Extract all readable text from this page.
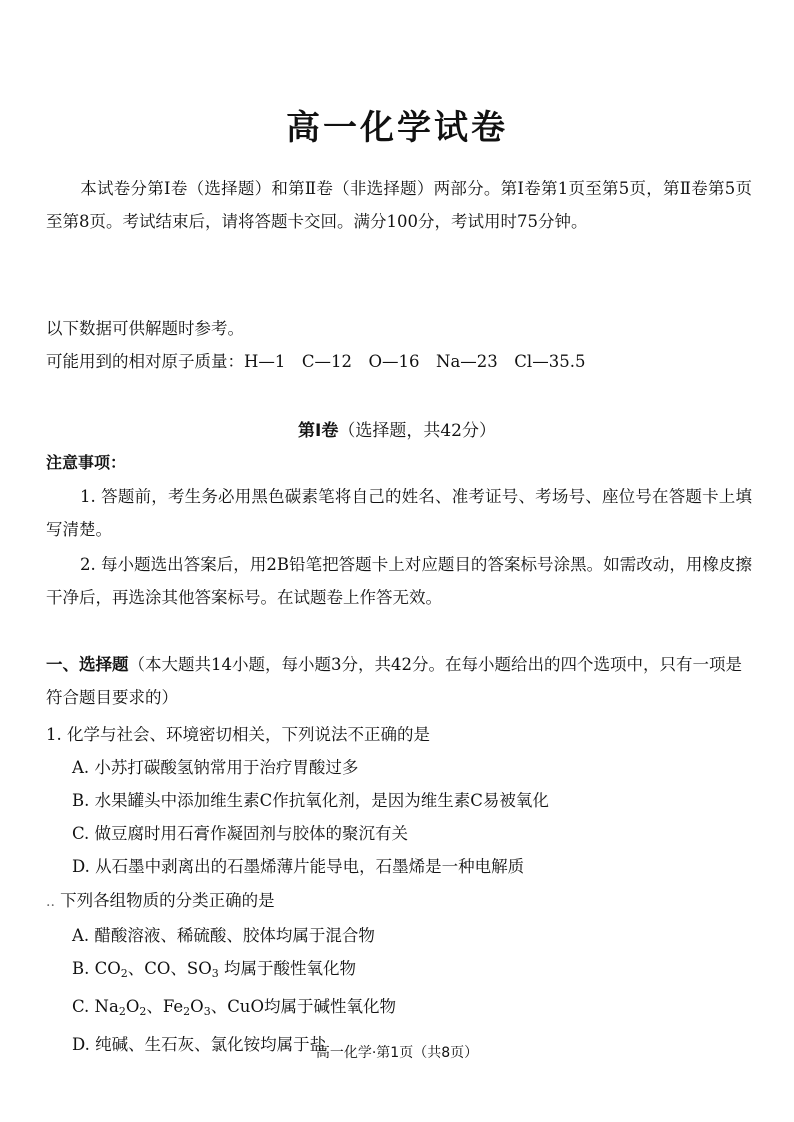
高一化学试卷
本试卷分第Ⅰ卷（选择题）和第Ⅱ卷（非选择题）两部分。第Ⅰ卷第1页至第5页，第Ⅱ卷第5页至第8页。考试结束后，请将答题卡交回。满分100分，考试用时75分钟。
以下数据可供解题时参考。
可能用到的相对原子质量：H—1　C—12　O—16　Na—23　Cl—35.5
第Ⅰ卷（选择题，共42分）
注意事项：
1. 答题前，考生务必用黑色碳素笔将自己的姓名、准考证号、考场号、座位号在答题卡上填写清楚。
2. 每小题选出答案后，用2B铅笔把答题卡上对应题目的答案标号涂黑。如需改动，用橡皮擦干净后，再选涂其他答案标号。在试题卷上作答无效。
一、选择题（本大题共14小题，每小题3分，共42分。在每小题给出的四个选项中，只有一项是符合题目要求的）
1. 化学与社会、环境密切相关，下列说法不正确的是
A. 小苏打碳酸氢钠常用于治疗胃酸过多
B. 水果罐头中添加维生素C作抗氧化剂，是因为维生素C易被氧化
C. 做豆腐时用石膏作凝固剂与胶体的聚沉有关
D. 从石墨中剥离出的石墨烯薄片能导电，石墨烯是一种电解质
.. 下列各组物质的分类正确的是
A. 醋酸溶液、稀硫酸、胶体均属于混合物
B. $CO_2$、CO、$SO_3$ 均属于酸性氧化物
C. $Na_2O_2$、$Fe_2O_3$、CuO均属于碱性氧化物
D. 纯碱、生石灰、氯化铵均属于盐
高一化学·第1页（共8页）
